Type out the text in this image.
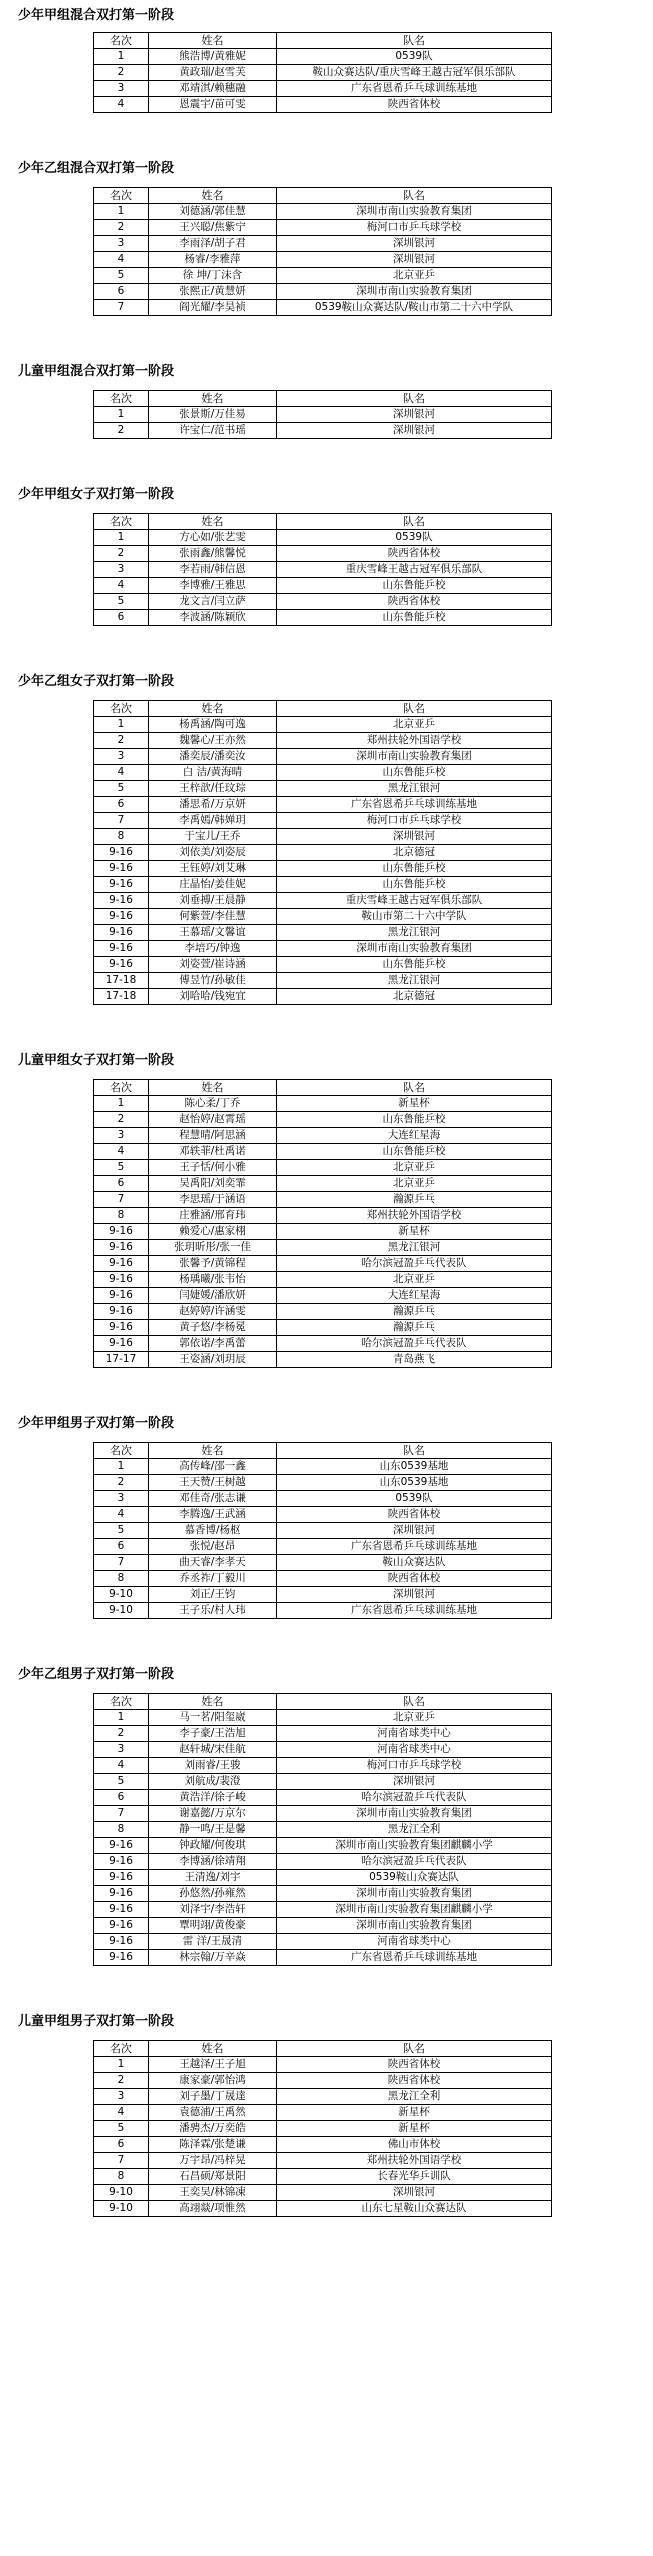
少年甲组混合双打第一阶段
名次	姓名	队名
1	熊浩博/黄雅妮	0539队
2	黄政瑞/赵雪芙	鞍山众赛达队/重庆雪峰王越古冠军俱乐部队
3	邓靖淇/赖穗融	广东省恩希乒乓球训练基地
4	恩震宇/苗可雯	陕西省体校
少年乙组混合双打第一阶段
名次	姓名	队名
1	刘德涵/郭佳慧	深圳市南山实验教育集团
2	王兴聪/焦紫宁	梅河口市乒乓球学校
3	李雨泽/胡子君	深圳银河
4	杨睿/李雅萍	深圳银河
5	徐 坤/丁沫含	北京亚乒
6	张熙正/黄慧妍	深圳市南山实验教育集团
7	阎光耀/李昊祯	0539鞍山众赛达队/鞍山市第二十六中学队
儿童甲组混合双打第一阶段
名次	姓名	队名
1	张景斯/万佳易	深圳银河
2	许宝仁/范书瑶	深圳银河
少年甲组女子双打第一阶段
名次	姓名	队名
1	方心如/张艺雯	0539队
2	张雨鑫/熊馨悦	陕西省体校
3	李若雨/韩信恩	重庆雪峰王越古冠军俱乐部队
4	李博雅/王雅思	山东鲁能乒校
5	龙文言/闫立萨	陕西省体校
6	李波涵/陈颖欣	山东鲁能乒校
少年乙组女子双打第一阶段
名次	姓名	队名
1	杨禹涵/陶可逸	北京亚乒
2	魏馨心/王亦然	郑州扶轮外国语学校
3	潘奕辰/潘奕汝	深圳市南山实验教育集团
4	白 洁/黄海晴	山东鲁能乒校
5	王梓歆/任玟琮	黑龙江银河
6	潘思希/万京妍	广东省恩希乒乓球训练基地
7	李禹嫣/韩婵玥	梅河口市乒乓球学校
8	于宝儿/王乔	深圳银河
9-16	刘依美/刘姿辰	北京德冠
9-16	王钰婷/刘艾琳	山东鲁能乒校
9-16	庄晶怡/姜佳妮	山东鲁能乒校
9-16	刘垂搏/王晨静	重庆雪峰王越古冠军俱乐部队
9-16	何紫萱/李佳慧	鞍山市第二十六中学队
9-16	王慕瑶/文馨谊	黑龙江银河
9-16	李培巧/钟逸	深圳市南山实验教育集团
9-16	刘姿萱/崔诗涵	山东鲁能乒校
17-18	傅昱竹/孙敏佳	黑龙江银河
17-18	刘哈哈/钱宛宜	北京德冠
儿童甲组女子双打第一阶段
名次	姓名	队名
1	陈心柔/丁乔	新星杯
2	赵怡婷/赵霄瑶	山东鲁能乒校
3	程慧晴/阿思涵	大连红星海
4	邓轶菲/杜禹诺	山东鲁能乒校
5	王子恬/何小雅	北京亚乒
6	吴禹阳/刘奕霏	北京亚乒
7	李思瑶/于涵语	瀚源乒乓
8	庄雅涵/邢育玮	郑州扶轮外国语学校
9-16	赖爱心/惠家栩	新星杯
9-16	张玥昕彤/张一佳	黑龙江银河
9-16	张馨予/黄锦程	哈尔滨冠盈乒乓代表队
9-16	杨瑀曦/张韦怡	北京亚乒
9-16	闫婕媛/潘欣妍	大连红星海
9-16	赵婷婷/许涵雯	瀚源乒乓
9-16	黄子悠/李杨冕	瀚源乒乓
9-16	郭依诺/李禹蕾	哈尔滨冠盈乒乓代表队
17-17	王姿涵/刘玥辰	青岛燕飞
少年甲组男子双打第一阶段
名次	姓名	队名
1	高传峰/邵一鑫	山东0539基地
2	王天赞/王树越	山东0539基地
3	邓佳奇/张志谦	0539队
4	李腾逸/王武涵	陕西省体校
5	慕香博/杨枢	深圳银河
6	张悦/赵昂	广东省恩希乒乓球训练基地
7	曲天睿/李孝天	鞍山众赛达队
8	乔丞祚/丁毅川	陕西省体校
9-10	刘正/王钧	深圳银河
9-10	王子乐/村人玮	广东省恩希乒乓球训练基地
少年乙组男子双打第一阶段
名次	姓名	队名
1	马一茗/阳玺崴	北京亚乒
2	李子豪/王浩旭	河南省球类中心
3	赵轩城/宋佳航	河南省球类中心
4	刘雨睿/王骏	梅河口市乒乓球学校
5	刘航成/裴澄	深圳银河
6	黄浩洋/徐子峻	哈尔滨冠盈乒乓代表队
7	谢嘉懿/万京尔	深圳市南山实验教育集团
8	静一鸣/王是馨	黑龙江全利
9-16	钟政耀/何俊琪	深圳市南山实验教育集团麒麟小学
9-16	李博涵/徐靖翔	哈尔滨冠盈乒乓代表队
9-16	王清逸/刘宇	0539鞍山众赛达队
9-16	孙悠然/孙雍然	深圳市南山实验教育集团
9-16	刘泽宇/李浩轩	深圳市南山实验教育集团麒麟小学
9-16	覃明翊/黄俊豪	深圳市南山实验教育集团
9-16	雷 洋/王晟清	河南省球类中心
9-16	林宗翰/万辛焱	广东省恩希乒乓球训练基地
儿童甲组男子双打第一阶段
名次	姓名	队名
1	王越泽/王子旭	陕西省体校
2	康家豪/郭怡鸿	陕西省体校
3	刘子墨/丁晟達	黑龙江全利
4	袁德浦/王禹然	新星杯
5	潘骋杰/万奕皓	新星杯
6	陈泽霖/张楚谦	佛山市体校
7	万宇昂/冯梓晃	郑州扶轮外国语学校
8	石昌硕/郑景阳	长春光华乒训队
9-10	王奕吴/林锦凍	深圳银河
9-10	高翊燚/项惟然	山东七星鞍山众赛达队
